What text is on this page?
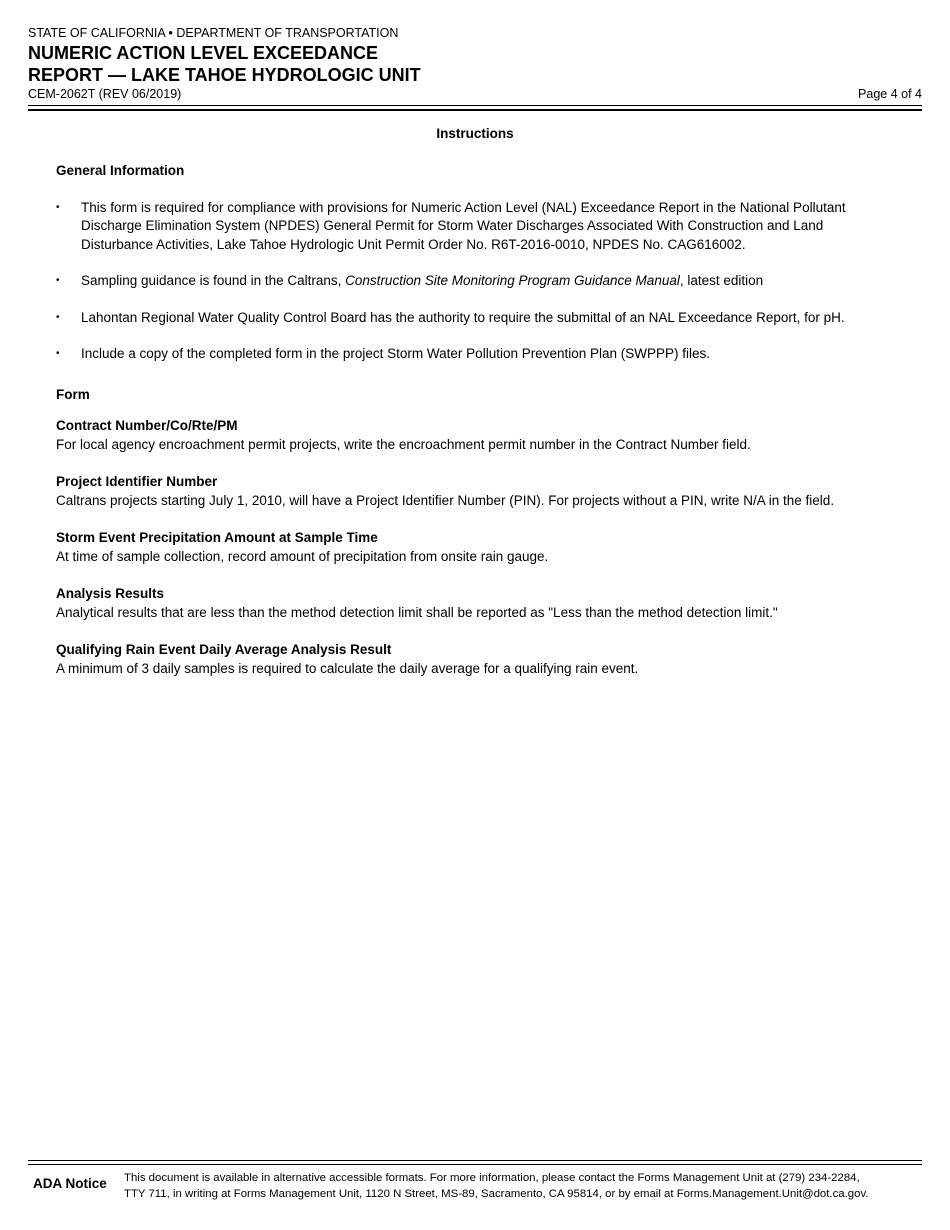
STATE OF CALIFORNIA • DEPARTMENT OF TRANSPORTATION
NUMERIC ACTION LEVEL EXCEEDANCE
REPORT — LAKE TAHOE HYDROLOGIC UNIT
CEM-2062T (REV 06/2019)	Page 4 of 4
Instructions
General Information
• This form is required for compliance with provisions for Numeric Action Level (NAL) Exceedance Report in the National Pollutant Discharge Elimination System (NPDES) General Permit for Storm Water Discharges Associated With Construction and Land Disturbance Activities, Lake Tahoe Hydrologic Unit Permit Order No. R6T-2016-0010, NPDES No. CAG616002.
• Sampling guidance is found in the Caltrans, Construction Site Monitoring Program Guidance Manual, latest edition
• Lahontan Regional Water Quality Control Board has the authority to require the submittal of an NAL Exceedance Report, for pH.
• Include a copy of the completed form in the project Storm Water Pollution Prevention Plan (SWPPP) files.
Form
Contract Number/Co/Rte/PM
For local agency encroachment permit projects, write the encroachment permit number in the Contract Number field.
Project Identifier Number
Caltrans projects starting July 1, 2010, will have a Project Identifier Number (PIN). For projects without a PIN, write N/A in the field.
Storm Event Precipitation Amount at Sample Time
At time of sample collection, record amount of precipitation from onsite rain gauge.
Analysis Results
Analytical results that are less than the method detection limit shall be reported as "Less than the method detection limit."
Qualifying Rain Event Daily Average Analysis Result
A minimum of 3 daily samples is required to calculate the daily average for a qualifying rain event.
ADA Notice This document is available in alternative accessible formats. For more information, please contact the Forms Management Unit at (279) 234-2284,
TTY 711, in writing at Forms Management Unit, 1120 N Street, MS-89, Sacramento, CA 95814, or by email at Forms.Management.Unit@dot.ca.gov.
